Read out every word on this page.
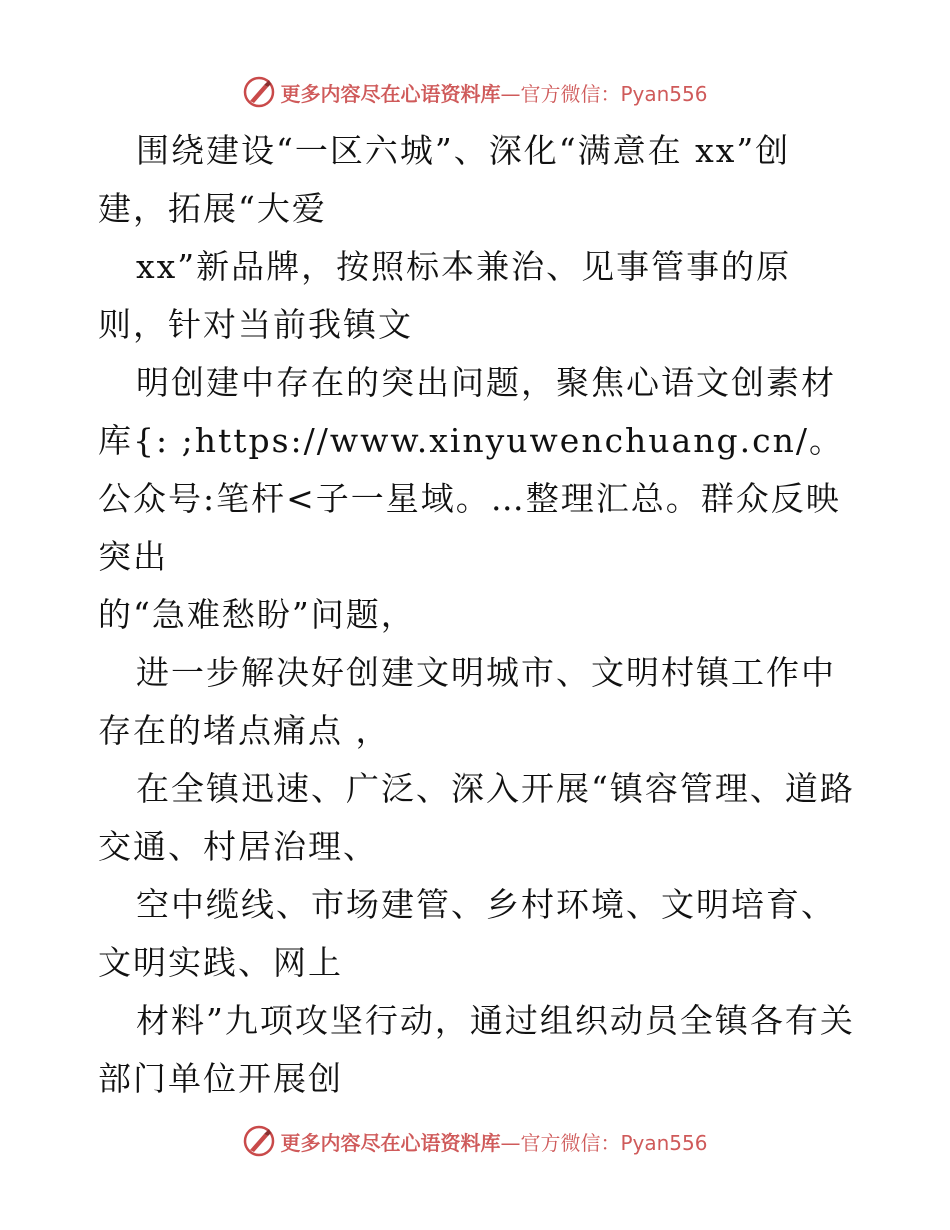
更多内容尽在心语资料库—官方微信：Pyan556

围绕建设“一区六城”、深化“满意在 xx”创建，拓展“大爱

xx”新品牌，按照标本兼治、见事管事的原则，针对当前我镇文

明创建中存在的突出问题，聚焦心语文创素材库{: ;https://www.xinyuwenchuang.cn/。公众号:笔杆<子一星域。…整理汇总。群众反映突出

的“急难愁盼”问题，

进一步解决好创建文明城市、文明村镇工作中存在的堵点痛点 ，

在全镇迅速、广泛、深入开展“镇容管理、道路交通、村居治理、

空中缆线、市场建管、乡村环境、文明培育、文明实践、网上

材料”九项攻坚行动，通过组织动员全镇各有关部门单位开展创

更多内容尽在心语资料库—官方微信：Pyan556
